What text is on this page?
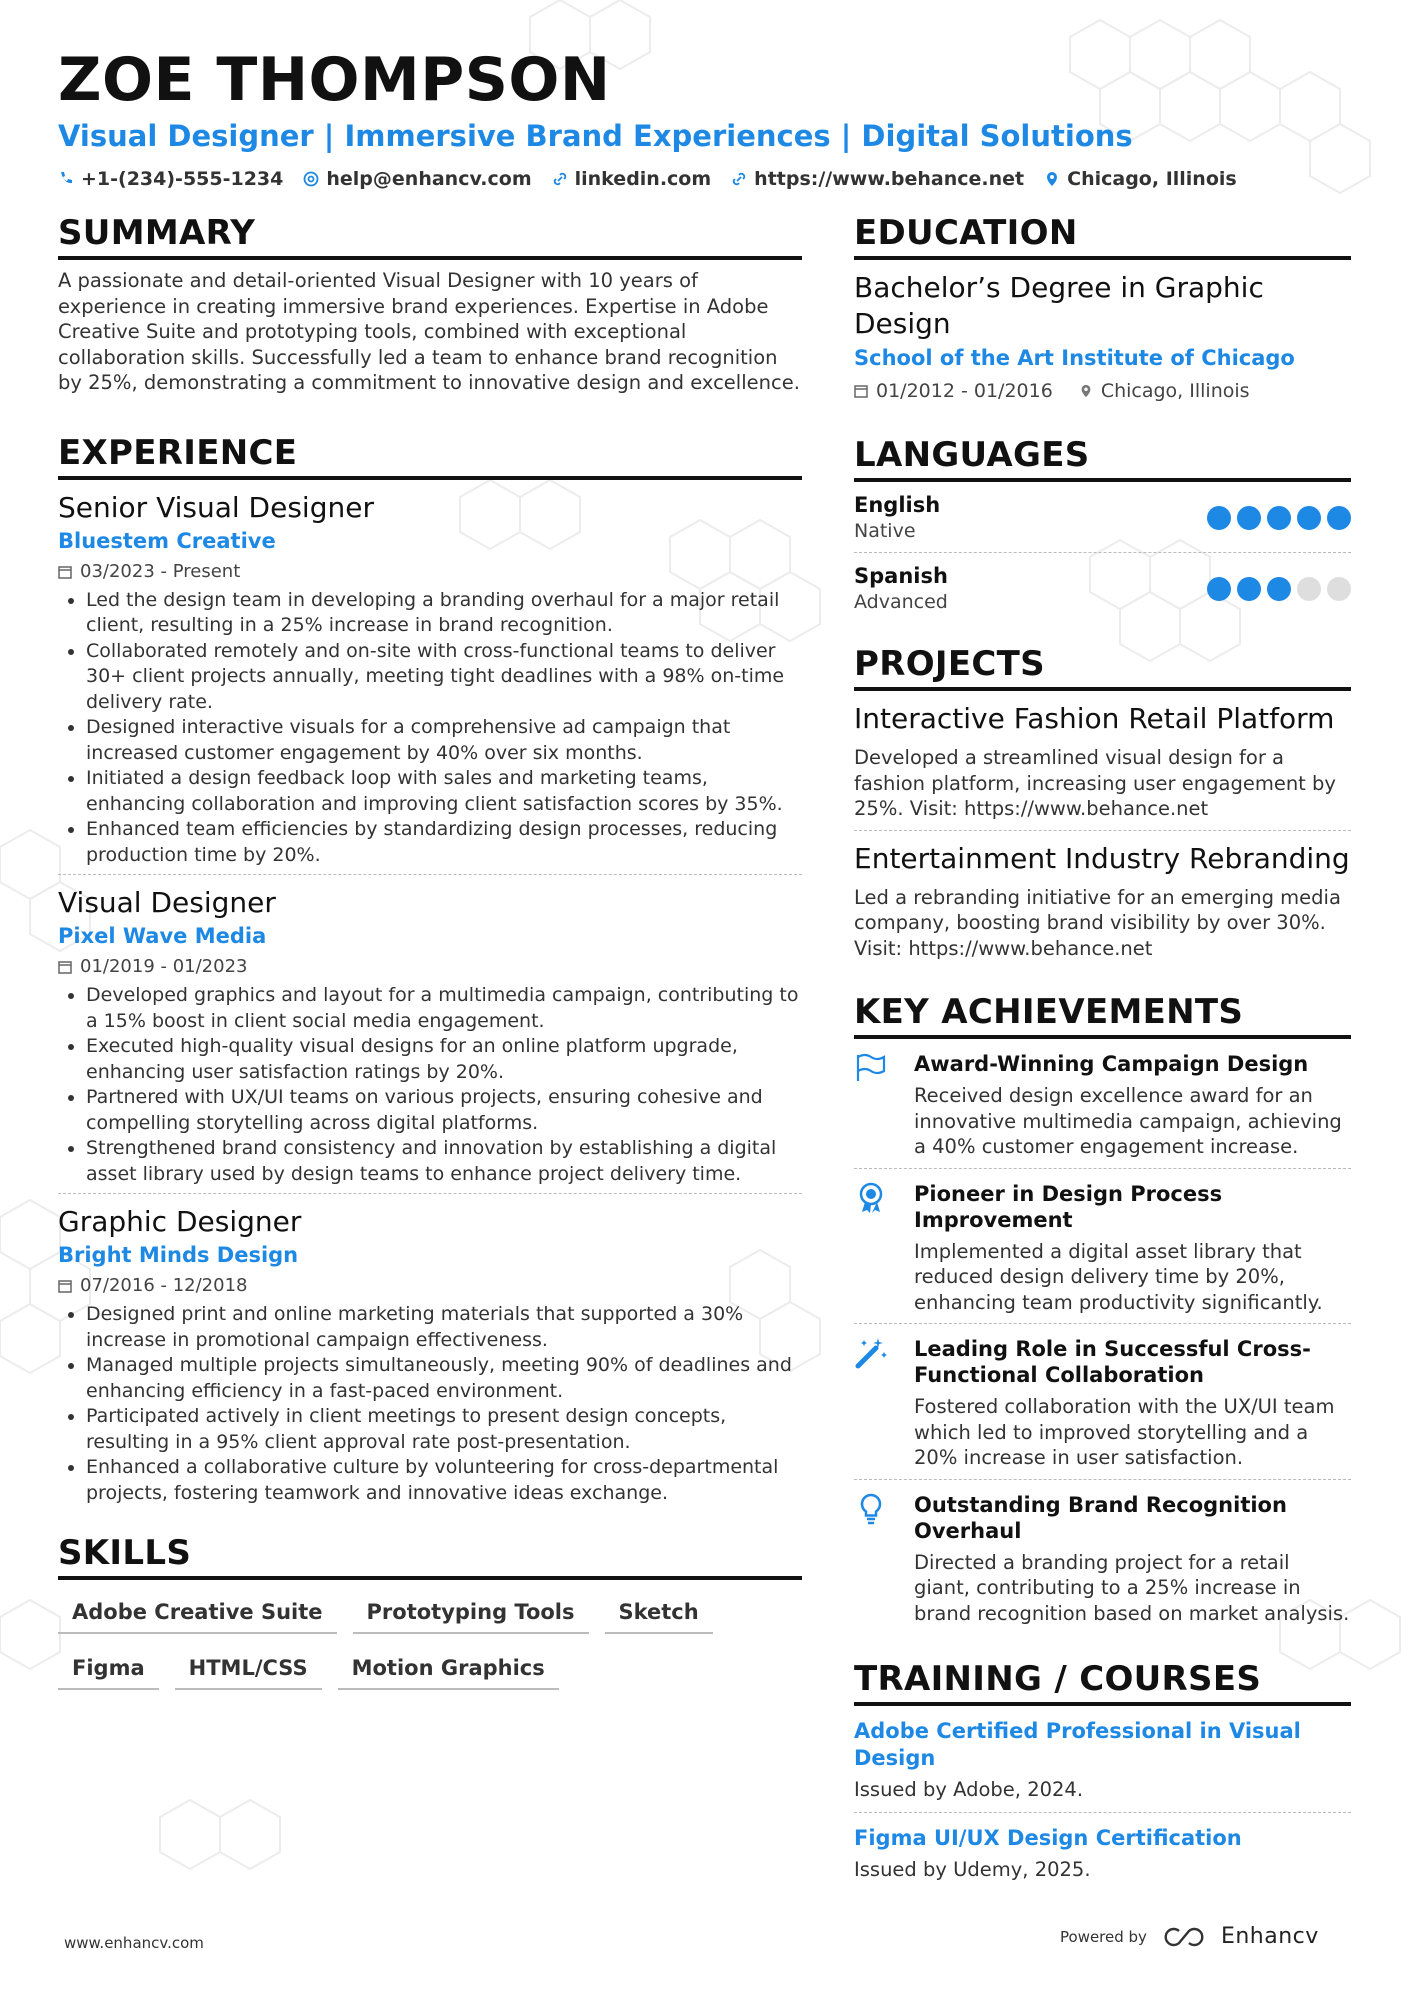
ZOE THOMPSON
Visual Designer | Immersive Brand Experiences | Digital Solutions
+1-(234)-555-1234 help@enhancv.com linkedin.com https://www.behance.net Chicago, Illinois
SUMMARY

A passionate and detail-oriented Visual Designer with 10 years of experience in creating immersive brand experiences. Expertise in Adobe Creative Suite and prototyping tools, combined with exceptional collaboration skills. Successfully led a team to enhance brand recognition by 25%, demonstrating a commitment to innovative design and excellence.

EXPERIENCE
Senior Visual Designer
Bluestem Creative
03/2023 - Present
• Led the design team in developing a branding overhaul for a major retail client, resulting in a 25% increase in brand recognition.
• Collaborated remotely and on-site with cross-functional teams to deliver 30+ client projects annually, meeting tight deadlines with a 98% on-time delivery rate.
• Designed interactive visuals for a comprehensive ad campaign that increased customer engagement by 40% over six months.
• Initiated a design feedback loop with sales and marketing teams, enhancing collaboration and improving client satisfaction scores by 35%.
• Enhanced team efficiencies by standardizing design processes, reducing production time by 20%.
Visual Designer
Pixel Wave Media
01/2019 - 01/2023
• Developed graphics and layout for a multimedia campaign, contributing to a 15% boost in client social media engagement.
• Executed high-quality visual designs for an online platform upgrade, enhancing user satisfaction ratings by 20%.
• Partnered with UX/UI teams on various projects, ensuring cohesive and compelling storytelling across digital platforms.
• Strengthened brand consistency and innovation by establishing a digital asset library used by design teams to enhance project delivery time.
Graphic Designer
Bright Minds Design
07/2016 - 12/2018
• Designed print and online marketing materials that supported a 30% increase in promotional campaign effectiveness.
• Managed multiple projects simultaneously, meeting 90% of deadlines and enhancing efficiency in a fast-paced environment.
• Participated actively in client meetings to present design concepts, resulting in a 95% client approval rate post-presentation.
• Enhanced a collaborative culture by volunteering for cross-departmental projects, fostering teamwork and innovative ideas exchange.
SKILLS
Adobe Creative Suite	Prototyping Tools	Sketch
Figma	HTML/CSS	Motion Graphics
EDUCATION
Bachelor’s Degree in Graphic Design
School of the Art Institute of Chicago
01/2012 - 01/2016	Chicago, Illinois
LANGUAGES
English
Native
Spanish
Advanced
PROJECTS
Interactive Fashion Retail Platform
Developed a streamlined visual design for a fashion platform, increasing user engagement by 25%. Visit: https://www.behance.net
Entertainment Industry Rebranding
Led a rebranding initiative for an emerging media company, boosting brand visibility by over 30%. Visit: https://www.behance.net
KEY ACHIEVEMENTS
Award-Winning Campaign Design
Received design excellence award for an innovative multimedia campaign, achieving a 40% customer engagement increase.
Pioneer in Design Process Improvement
Implemented a digital asset library that reduced design delivery time by 20%, enhancing team productivity significantly.
Leading Role in Successful Cross-Functional Collaboration
Fostered collaboration with the UX/UI team which led to improved storytelling and a 20% increase in user satisfaction.
Outstanding Brand Recognition Overhaul
Directed a branding project for a retail giant, contributing to a 25% increase in brand recognition based on market analysis.
TRAINING / COURSES
Adobe Certified Professional in Visual Design
Issued by Adobe, 2024.
Figma UI/UX Design Certification
Issued by Udemy, 2025.
www.enhancv.com	Powered by	Enhancv
